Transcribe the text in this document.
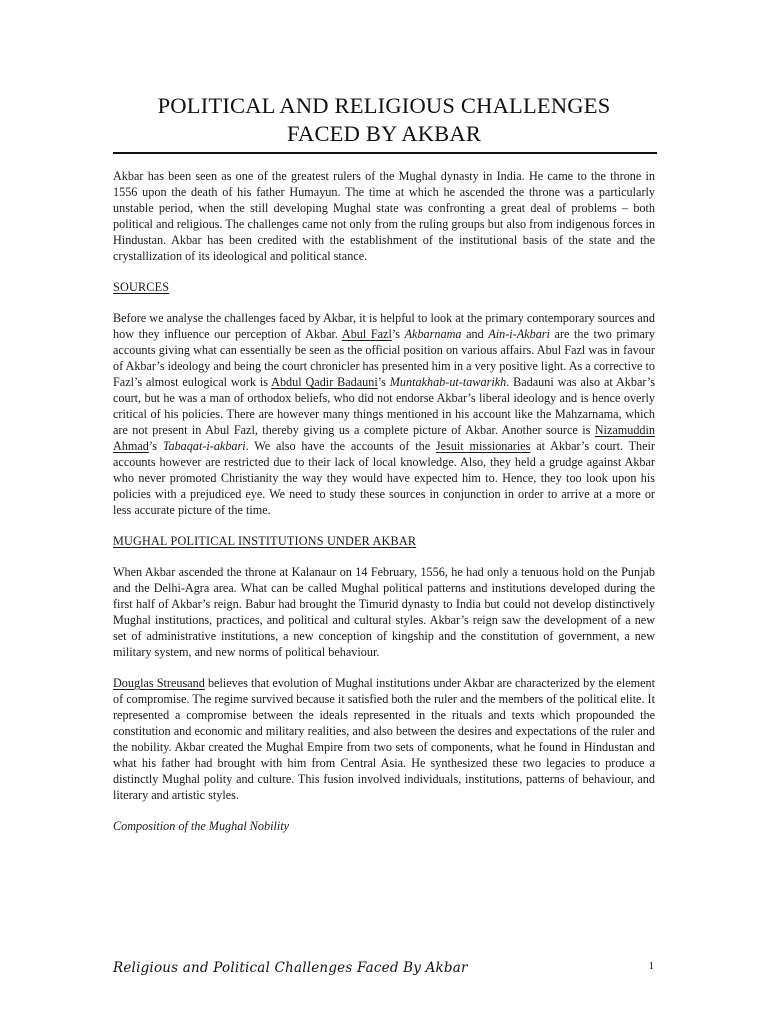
POLITICAL AND RELIGIOUS CHALLENGES
FACED BY AKBAR

Akbar has been seen as one of the greatest rulers of the Mughal dynasty in India. He came to the throne in 1556 upon the death of his father Humayun. The time at which he ascended the throne was a particularly unstable period, when the still developing Mughal state was confronting a great deal of problems – both political and religious. The challenges came not only from the ruling groups but also from indigenous forces in Hindustan. Akbar has been credited with the establishment of the institutional basis of the state and the crystallization of its ideological and political stance.

SOURCES

Before we analyse the challenges faced by Akbar, it is helpful to look at the primary contemporary sources and how they influence our perception of Akbar. Abul Fazl’s Akbarnama and Ain-i-Akbari are the two primary accounts giving what can essentially be seen as the official position on various affairs. Abul Fazl was in favour of Akbar’s ideology and being the court chronicler has presented him in a very positive light. As a corrective to Fazl’s almost eulogical work is Abdul Qadir Badauni’s Muntakhab-ut-tawarikh. Badauni was also at Akbar’s court, but he was a man of orthodox beliefs, who did not endorse Akbar’s liberal ideology and is hence overly critical of his policies. There are however many things mentioned in his account like the Mahzarnama, which are not present in Abul Fazl, thereby giving us a complete picture of Akbar. Another source is Nizamuddin Ahmad’s Tabaqat-i-akbari. We also have the accounts of the Jesuit missionaries at Akbar’s court. Their accounts however are restricted due to their lack of local knowledge. Also, they held a grudge against Akbar who never promoted Christianity the way they would have expected him to. Hence, they too look upon his policies with a prejudiced eye. We need to study these sources in conjunction in order to arrive at a more or less accurate picture of the time.

MUGHAL POLITICAL INSTITUTIONS UNDER AKBAR

When Akbar ascended the throne at Kalanaur on 14 February, 1556, he had only a tenuous hold on the Punjab and the Delhi-Agra area. What can be called Mughal political patterns and institutions developed during the first half of Akbar’s reign. Babur had brought the Timurid dynasty to India but could not develop distinctively Mughal institutions, practices, and political and cultural styles. Akbar’s reign saw the development of a new set of administrative institutions, a new conception of kingship and the constitution of government, a new military system, and new norms of political behaviour.

Douglas Streusand believes that evolution of Mughal institutions under Akbar are characterized by the element of compromise. The regime survived because it satisfied both the ruler and the members of the political elite. It represented a compromise between the ideals represented in the rituals and texts which propounded the constitution and economic and military realities, and also between the desires and expectations of the ruler and the nobility. Akbar created the Mughal Empire from two sets of components, what he found in Hindustan and what his father had brought with him from Central Asia. He synthesized these two legacies to produce a distinctly Mughal polity and culture. This fusion involved individuals, institutions, patterns of behaviour, and literary and artistic styles.

Composition of the Mughal Nobility

Religious and Political Challenges Faced By Akbar	1
